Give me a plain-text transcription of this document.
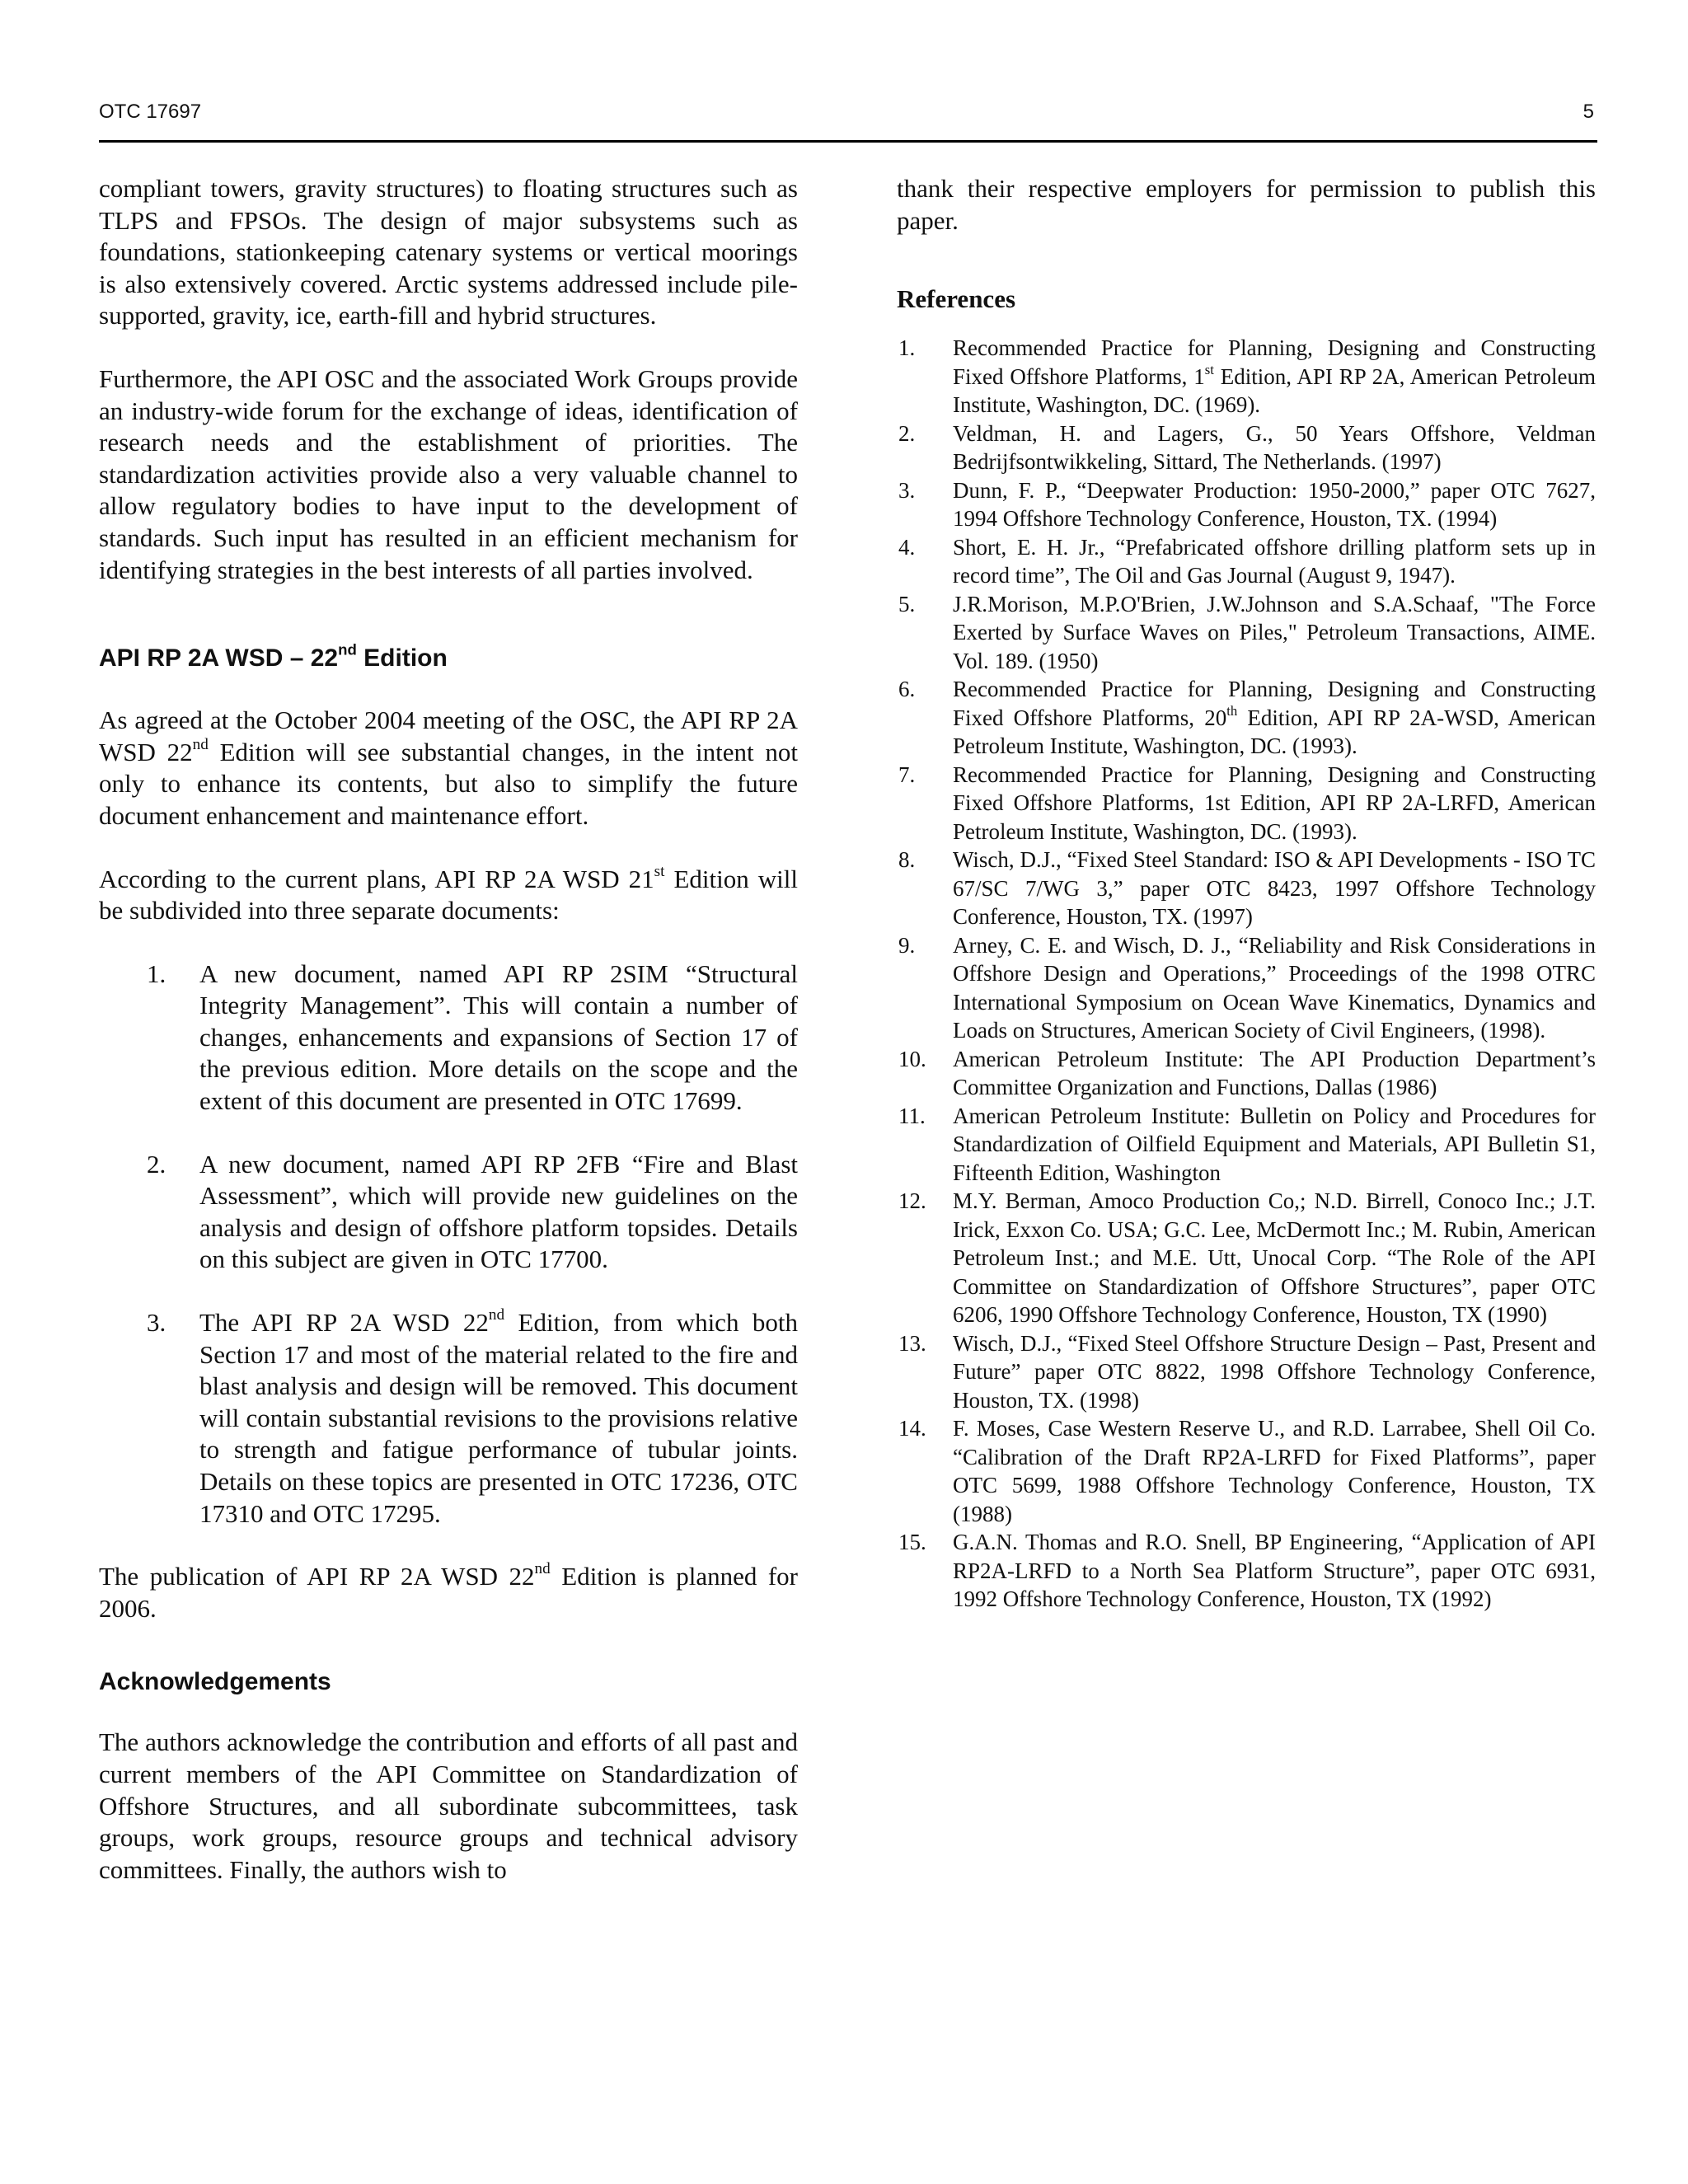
OTC 17697	5

compliant towers, gravity structures) to floating structures such as TLPS and FPSOs. The design of major subsystems such as foundations, stationkeeping catenary systems or vertical moorings is also extensively covered. Arctic systems addressed include pile-supported, gravity, ice, earth-fill and hybrid structures.

Furthermore, the API OSC and the associated Work Groups provide an industry-wide forum for the exchange of ideas, identification of research needs and the establishment of priorities. The standardization activities provide also a very valuable channel to allow regulatory bodies to have input to the development of standards. Such input has resulted in an efficient mechanism for identifying strategies in the best interests of all parties involved.

API RP 2A WSD – 22nd Edition

As agreed at the October 2004 meeting of the OSC, the API RP 2A WSD 22nd Edition will see substantial changes, in the intent not only to enhance its contents, but also to simplify the future document enhancement and maintenance effort.

According to the current plans, API RP 2A WSD 21st Edition will be subdivided into three separate documents:

1. A new document, named API RP 2SIM “Structural Integrity Management”. This will contain a number of changes, enhancements and expansions of Section 17 of the previous edition. More details on the scope and the extent of this document are presented in OTC 17699.
2. A new document, named API RP 2FB “Fire and Blast Assessment”, which will provide new guidelines on the analysis and design of offshore platform topsides. Details on this subject are given in OTC 17700.
3. The API RP 2A WSD 22nd Edition, from which both Section 17 and most of the material related to the fire and blast analysis and design will be removed. This document will contain substantial revisions to the provisions relative to strength and fatigue performance of tubular joints. Details on these topics are presented in OTC 17236, OTC 17310 and OTC 17295.

The publication of API RP 2A WSD 22nd Edition is planned for 2006.

Acknowledgements

The authors acknowledge the contribution and efforts of all past and current members of the API Committee on Standardization of Offshore Structures, and all subordinate subcommittees, task groups, work groups, resource groups and technical advisory committees. Finally, the authors wish to

thank their respective employers for permission to publish this paper.

References
1. Recommended Practice for Planning, Designing and Constructing Fixed Offshore Platforms, 1st Edition, API RP 2A, American Petroleum Institute, Washington, DC. (1969).
2. Veldman, H. and Lagers, G., 50 Years Offshore, Veldman Bedrijfsontwikkeling, Sittard, The Netherlands. (1997)
3. Dunn, F. P., “Deepwater Production: 1950-2000,” paper OTC 7627, 1994 Offshore Technology Conference, Houston, TX. (1994)
4. Short, E. H. Jr., “Prefabricated offshore drilling platform sets up in record time”, The Oil and Gas Journal (August 9, 1947).
5. J.R.Morison, M.P.O'Brien, J.W.Johnson and S.A.Schaaf, "The Force Exerted by Surface Waves on Piles," Petroleum Transactions, AIME. Vol. 189. (1950)
6. Recommended Practice for Planning, Designing and Constructing Fixed Offshore Platforms, 20th Edition, API RP 2A-WSD, American Petroleum Institute, Washington, DC. (1993).
7. Recommended Practice for Planning, Designing and Constructing Fixed Offshore Platforms, 1st Edition, API RP 2A-LRFD, American Petroleum Institute, Washington, DC. (1993).
8. Wisch, D.J., “Fixed Steel Standard: ISO & API Developments - ISO TC 67/SC 7/WG 3,” paper OTC 8423, 1997 Offshore Technology Conference, Houston, TX. (1997)
9. Arney, C. E. and Wisch, D. J., “Reliability and Risk Considerations in Offshore Design and Operations,” Proceedings of the 1998 OTRC International Symposium on Ocean Wave Kinematics, Dynamics and Loads on Structures, American Society of Civil Engineers, (1998).
10. American Petroleum Institute: The API Production Department’s Committee Organization and Functions, Dallas (1986)
11. American Petroleum Institute: Bulletin on Policy and Procedures for Standardization of Oilfield Equipment and Materials, API Bulletin S1, Fifteenth Edition, Washington
12. M.Y. Berman, Amoco Production Co,; N.D. Birrell, Conoco Inc.; J.T. Irick, Exxon Co. USA; G.C. Lee, McDermott Inc.; M. Rubin, American Petroleum Inst.; and M.E. Utt, Unocal Corp. “The Role of the API Committee on Standardization of Offshore Structures”, paper OTC 6206, 1990 Offshore Technology Conference, Houston, TX (1990)
13. Wisch, D.J., “Fixed Steel Offshore Structure Design – Past, Present and Future” paper OTC 8822, 1998 Offshore Technology Conference, Houston, TX. (1998)
14. F. Moses, Case Western Reserve U., and R.D. Larrabee, Shell Oil Co. “Calibration of the Draft RP2A-LRFD for Fixed Platforms”, paper OTC 5699, 1988 Offshore Technology Conference, Houston, TX (1988)
15. G.A.N. Thomas and R.O. Snell, BP Engineering, “Application of API RP2A-LRFD to a North Sea Platform Structure”, paper OTC 6931, 1992 Offshore Technology Conference, Houston, TX (1992)
